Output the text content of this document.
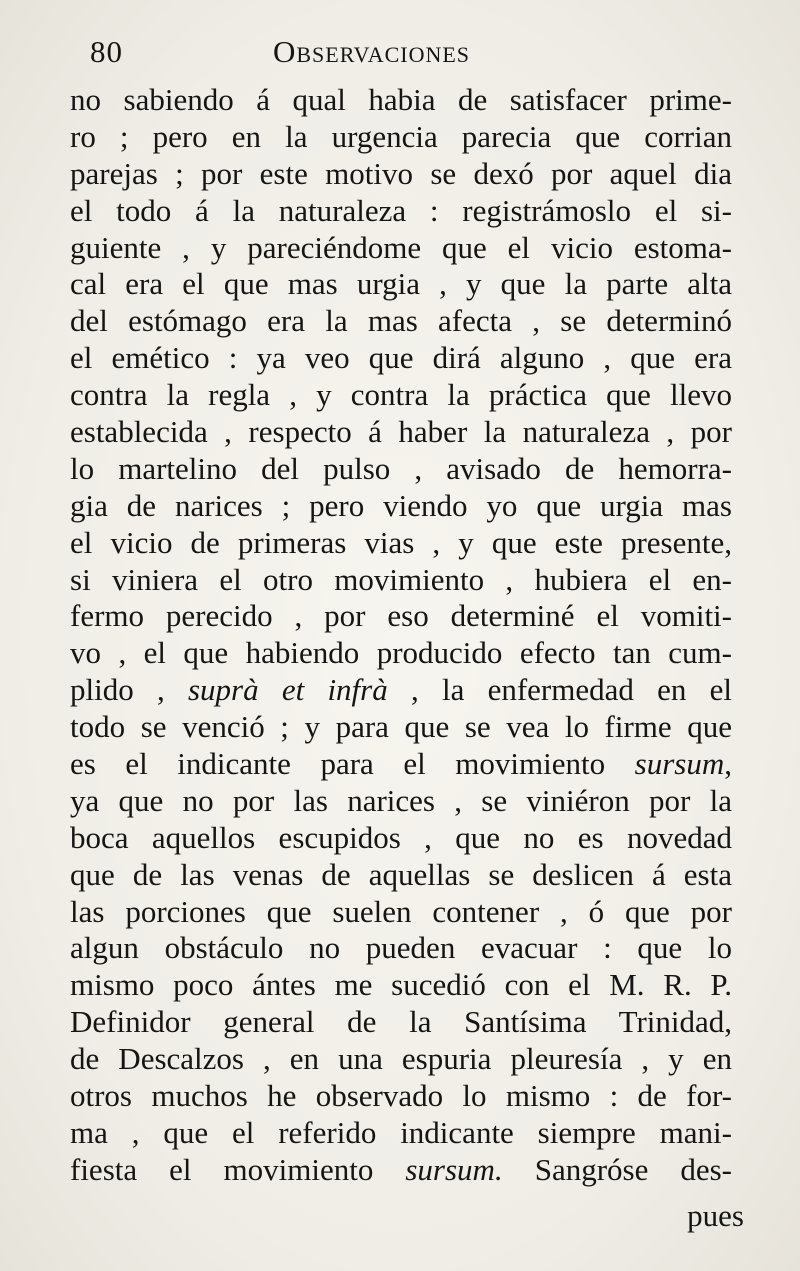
80	Observaciones
no sabiendo á qual habia de satisfacer prime-
ro ; pero en la urgencia parecia que corrian
parejas ; por este motivo se dexó por aquel dia
el todo á la naturaleza : registrámoslo el si-
guiente , y pareciéndome que el vicio estoma-
cal era el que mas urgia , y que la parte alta
del estómago era la mas afecta , se determinó
el emético : ya veo que dirá alguno , que era
contra la regla , y contra la práctica que llevo
establecida , respecto á haber la naturaleza , por
lo martelino del pulso , avisado de hemorra-
gia de narices ; pero viendo yo que urgia mas
el vicio de primeras vias , y que este presente,
si viniera el otro movimiento , hubiera el en-
fermo perecido , por eso determiné el vomiti-
vo , el que habiendo producido efecto tan cum-
plido , suprà et infrà , la enfermedad en el
todo se venció ; y para que se vea lo firme que
es el indicante para el movimiento sursum,
ya que no por las narices , se viniéron por la
boca aquellos escupidos , que no es novedad
que de las venas de aquellas se deslicen á esta
las porciones que suelen contener , ó que por
algun obstáculo no pueden evacuar : que lo
mismo poco ántes me sucedió con el M. R. P.
Definidor general de la Santísima Trinidad,
de Descalzos , en una espuria pleuresía , y en
otros muchos he observado lo mismo : de for-
ma , que el referido indicante siempre mani-
fiesta el movimiento sursum. Sangróse des-
pues
